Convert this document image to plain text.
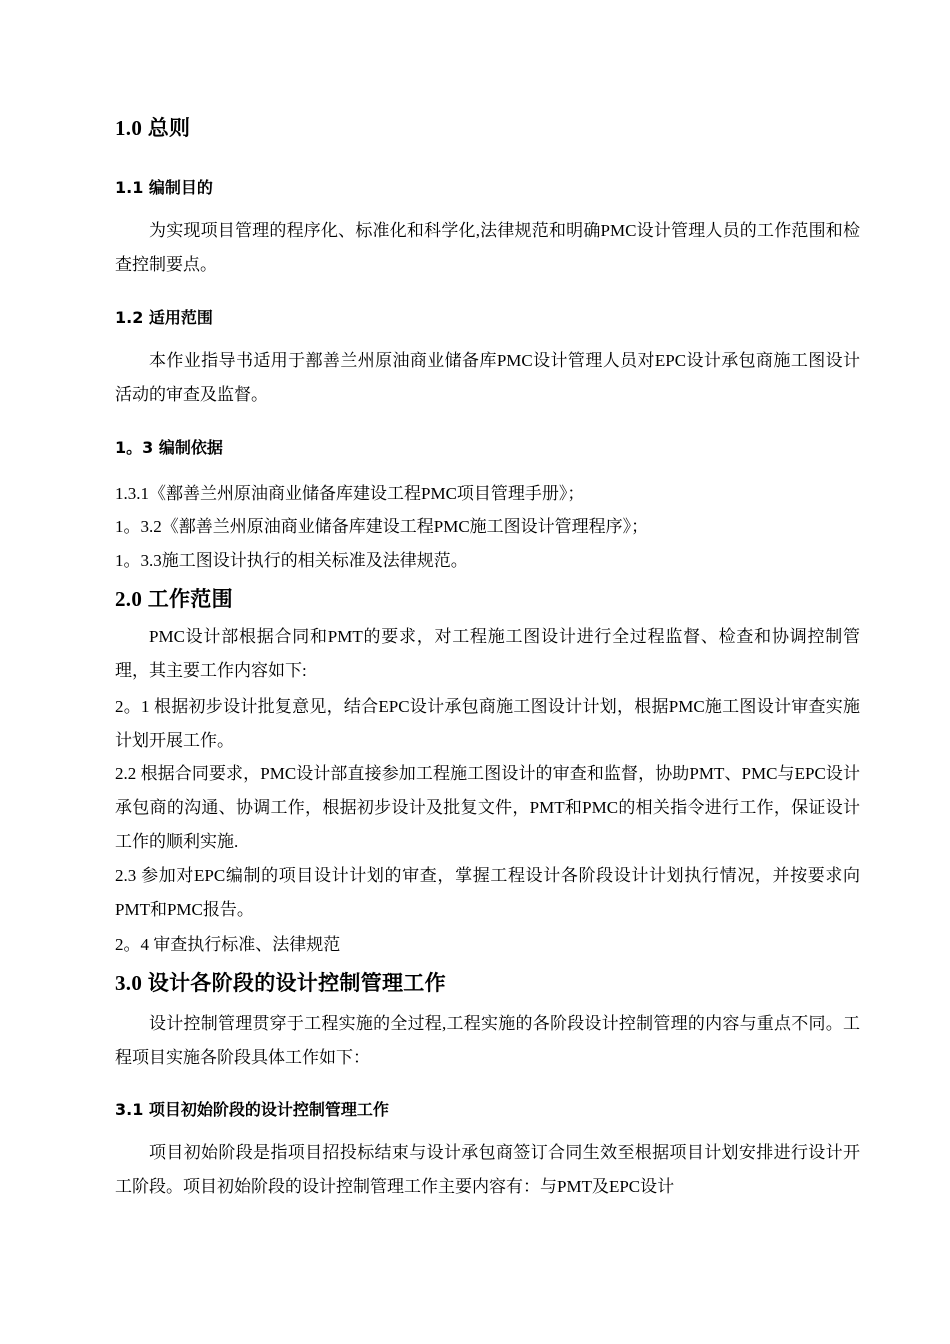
1.0 总则
1.1 编制目的
为实现项目管理的程序化、标准化和科学化,法律规范和明确PMC设计管理人员的工作范围和检查控制要点。
1.2 适用范围
本作业指导书适用于鄯善兰州原油商业储备库PMC设计管理人员对EPC设计承包商施工图设计活动的审查及监督。
1。3 编制依据
1.3.1《鄯善兰州原油商业储备库建设工程PMC项目管理手册》；
1。3.2《鄯善兰州原油商业储备库建设工程PMC施工图设计管理程序》；
1。3.3施工图设计执行的相关标准及法律规范。
2.0 工作范围
PMC设计部根据合同和PMT的要求，对工程施工图设计进行全过程监督、检查和协调控制管理，其主要工作内容如下:
2。1 根据初步设计批复意见，结合EPC设计承包商施工图设计计划，根据PMC施工图设计审查实施计划开展工作。
2.2 根据合同要求，PMC设计部直接参加工程施工图设计的审查和监督，协助PMT、PMC与EPC设计承包商的沟通、协调工作，根据初步设计及批复文件，PMT和PMC的相关指令进行工作，保证设计工作的顺利实施.
2.3 参加对EPC编制的项目设计计划的审查，掌握工程设计各阶段设计计划执行情况，并按要求向PMT和PMC报告。
2。4 审查执行标准、法律规范
3.0 设计各阶段的设计控制管理工作
设计控制管理贯穿于工程实施的全过程,工程实施的各阶段设计控制管理的内容与重点不同。工程项目实施各阶段具体工作如下：
3.1 项目初始阶段的设计控制管理工作
项目初始阶段是指项目招投标结束与设计承包商签订合同生效至根据项目计划安排进行设计开工阶段。项目初始阶段的设计控制管理工作主要内容有：与PMT及EPC设计
